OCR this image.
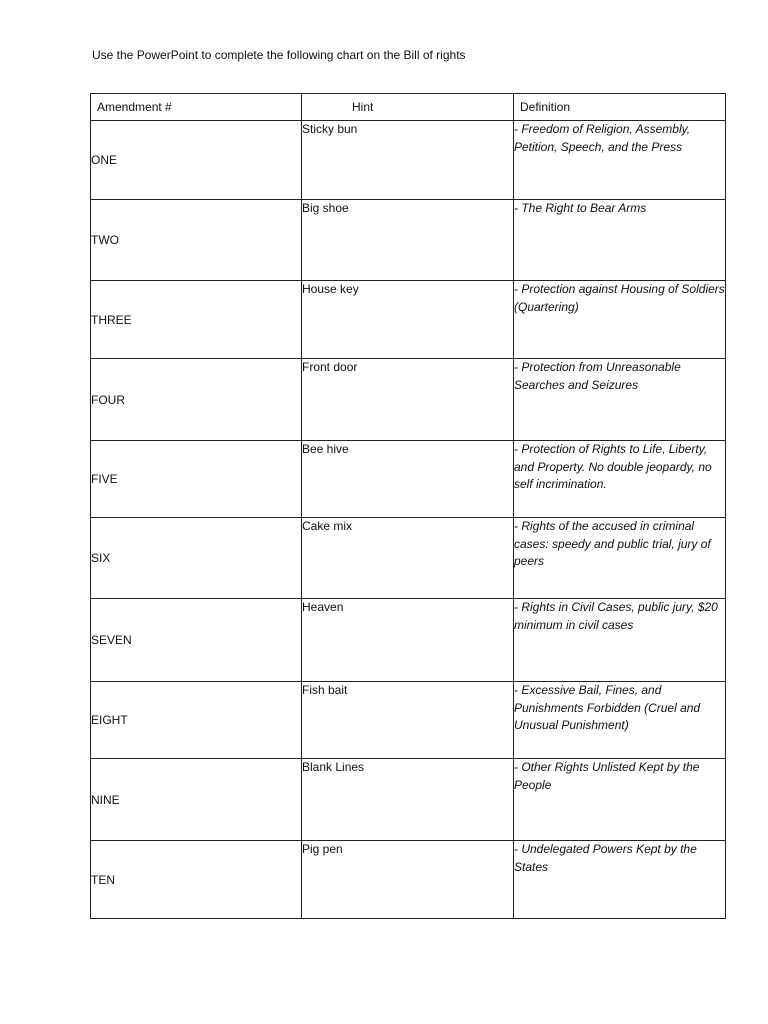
Use the PowerPoint to complete the following chart on the Bill of rights
Amendment #	Hint	Definition

ONE	Sticky bun	- Freedom of Religion, Assembly, Petition, Speech, and the Press
TWO	Big shoe	- The Right to Bear Arms
THREE	House key	- Protection against Housing of Soldiers (Quartering)
FOUR	Front door	- Protection from Unreasonable Searches and Seizures
FIVE	Bee hive	- Protection of Rights to Life, Liberty, and Property. No double jeopardy, no self incrimination.
SIX	Cake mix	- Rights of the accused in criminal cases: speedy and public trial, jury of peers
SEVEN	Heaven	- Rights in Civil Cases, public jury, $20 minimum in civil cases
EIGHT	Fish bait	- Excessive Bail, Fines, and Punishments Forbidden (Cruel and Unusual Punishment)
NINE	Blank Lines	- Other Rights Unlisted Kept by the People
TEN	Pig pen	- Undelegated Powers Kept by the States
